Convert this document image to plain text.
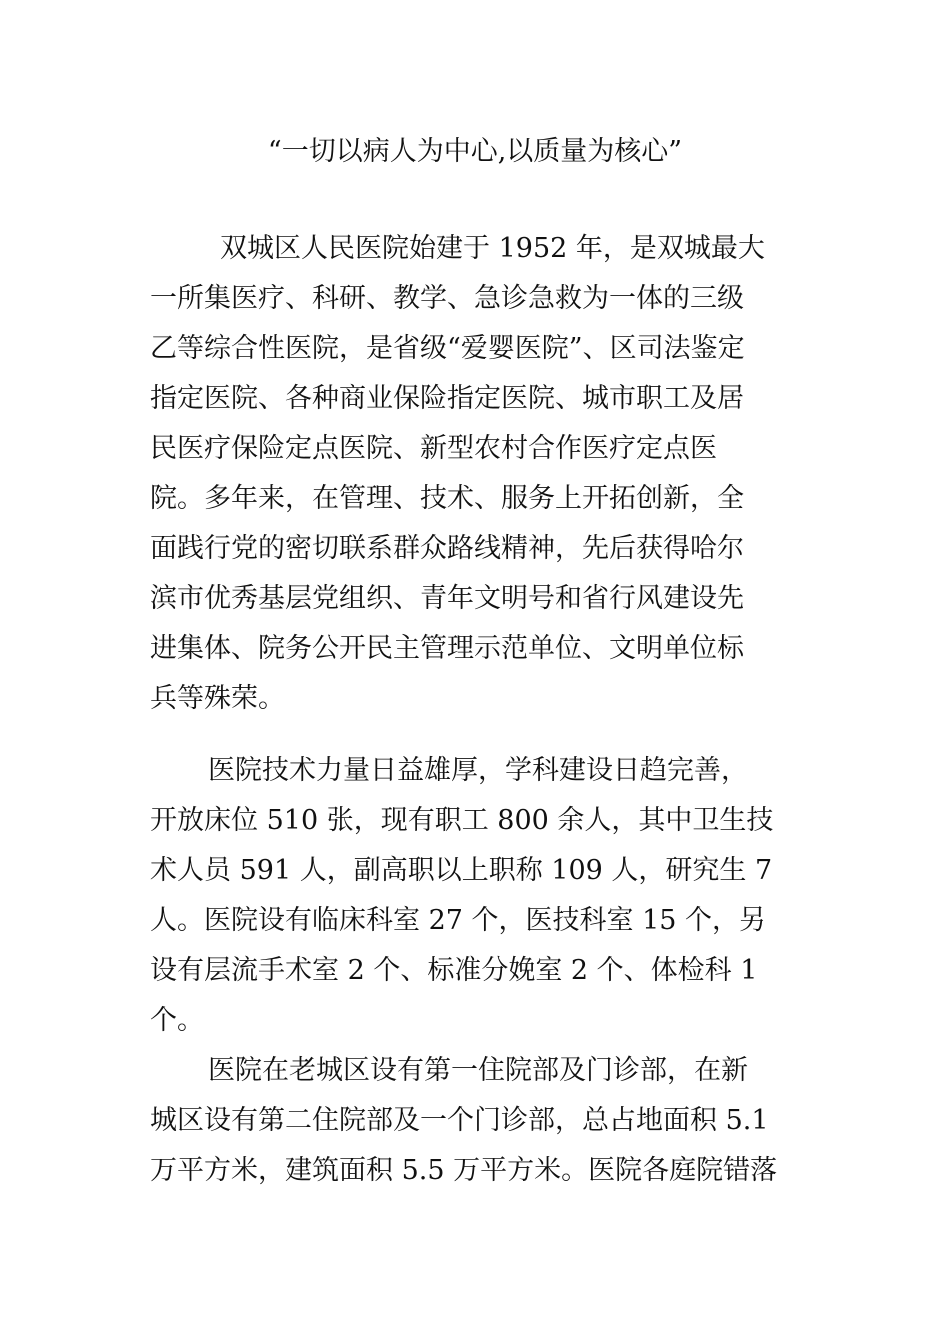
“一切以病人为中心,以质量为核心”

双城区人民医院始建于 1952 年，是双城最大
一所集医疗、科研、教学、急诊急救为一体的三级
乙等综合性医院，是省级“爱婴医院”、区司法鉴定
指定医院、各种商业保险指定医院、城市职工及居
民医疗保险定点医院、新型农村合作医疗定点医
院。多年来，在管理、技术、服务上开拓创新，全
面践行党的密切联系群众路线精神，先后获得哈尔
滨市优秀基层党组织、青年文明号和省行风建设先
进集体、院务公开民主管理示范单位、文明单位标
兵等殊荣。

医院技术力量日益雄厚，学科建设日趋完善，
开放床位 510 张，现有职工 800 余人，其中卫生技
术人员 591 人，副高职以上职称 109 人，研究生 7
人。医院设有临床科室 27 个，医技科室 15 个，另
设有层流手术室 2 个、标准分娩室 2 个、体检科 1
个。

医院在老城区设有第一住院部及门诊部，在新
城区设有第二住院部及一个门诊部，总占地面积 5.1
万平方米，建筑面积 5.5 万平方米。医院各庭院错落
